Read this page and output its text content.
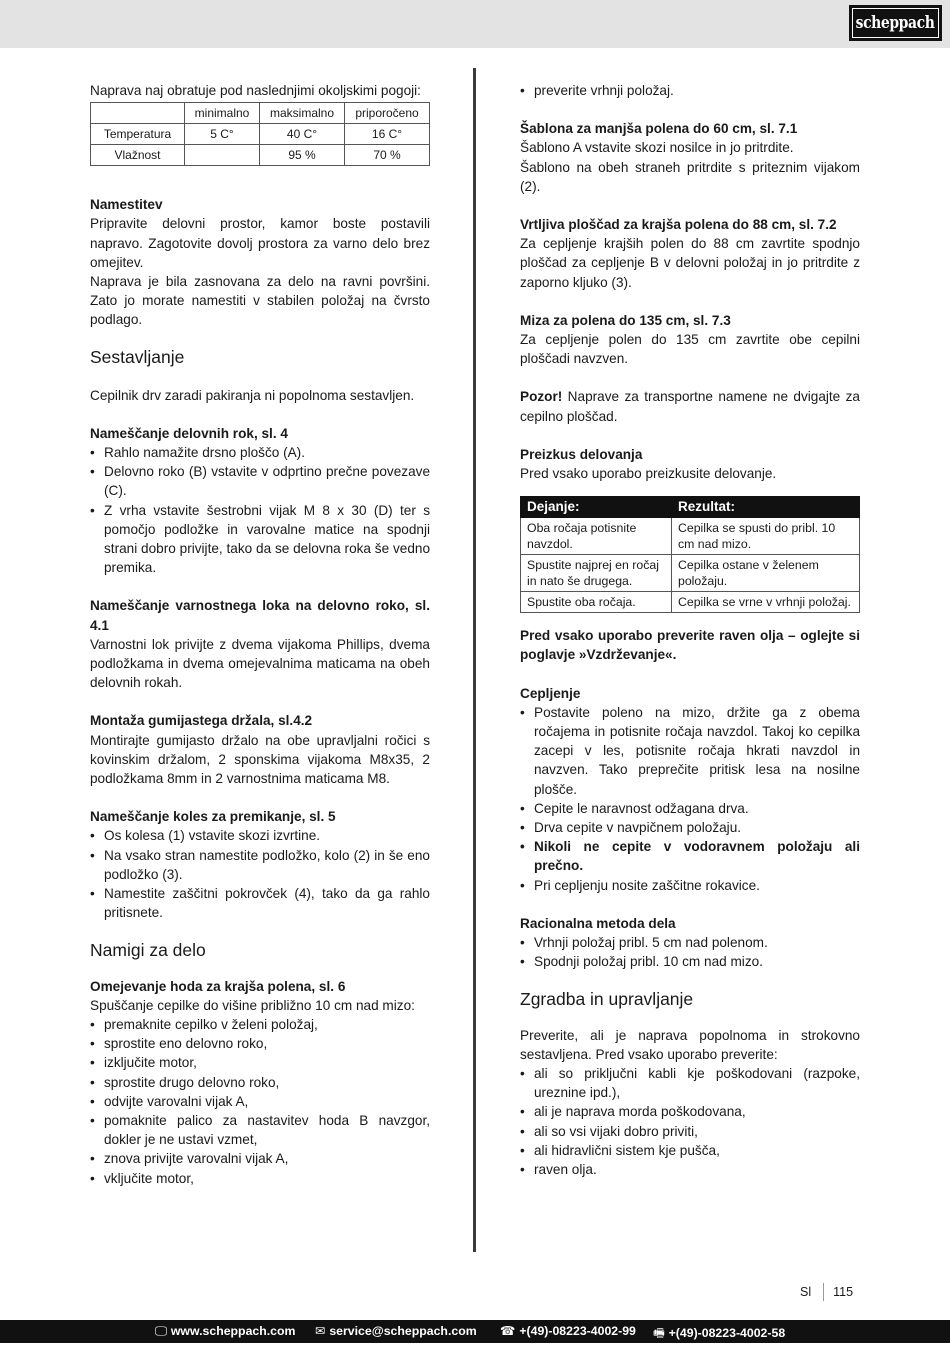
scheppach

Naprava naj obratuje pod naslednjimi okoljskimi pogoji:

	minimalno	maksimalno	priporočeno
Temperatura	5 C°	40 C°	16 C°
Vlažnost		95 %	70 %

Namestitev

Pripravite delovni prostor, kamor boste postavili napravo. Zagotovite dovolj prostora za varno delo brez omejitev.

Naprava je bila zasnovana za delo na ravni površini. Zato jo morate namestiti v stabilen položaj na čvrsto podlago.

Sestavljanje

Cepilnik drv zaradi pakiranja ni popolnoma sestavljen.

Nameščanje delovnih rok, sl. 4

• Rahlo namažite drsno ploščo (A).
• Delovno roko (B) vstavite v odprtino prečne povezave (C).
• Z vrha vstavite šestrobni vijak M 8 x 30 (D) ter s pomočjo podložke in varovalne matice na spodnji strani dobro privijte, tako da se delovna roka še vedno premika.

Nameščanje varnostnega loka na delovno roko, sl. 4.1

Varnostni lok privijte z dvema vijakoma Phillips, dvema podložkama in dvema omejevalnima maticama na obeh delovnih rokah.

Montaža gumijastega držala, sl.4.2

Montirajte gumijasto držalo na obe upravljalni ročici s kovinskim držalom, 2 sponskima vijakoma M8x35, 2 podložkama 8mm in 2 varnostnima maticama M8.

Nameščanje koles za premikanje, sl. 5

• Os kolesa (1) vstavite skozi izvrtine.
• Na vsako stran namestite podložko, kolo (2) in še eno podložko (3).
• Namestite zaščitni pokrovček (4), tako da ga rahlo pritisnete.

Namigi za delo

Omejevanje hoda za krajša polena, sl. 6

Spuščanje cepilke do višine približno 10 cm nad mizo:

• premaknite cepilko v želeni položaj,
• sprostite eno delovno roko,
• izključite motor,
• sprostite drugo delovno roko,
• odvijte varovalni vijak A,
• pomaknite palico za nastavitev hoda B navzgor, dokler je ne ustavi vzmet,
• znova privijte varovalni vijak A,
• vključite motor,
• preverite vrhnji položaj.

Šablona za manjša polena do 60 cm, sl. 7.1

Šablono A vstavite skozi nosilce in jo pritrdite.

Šablono na obeh straneh pritrdite s priteznim vijakom (2).

Vrtljiva ploščad za krajša polena do 88 cm, sl. 7.2

Za cepljenje krajših polen do 88 cm zavrtite spodnjo ploščad za cepljenje B v delovni položaj in jo pritrdite z zaporno kljuko (3).

Miza za polena do 135 cm, sl. 7.3

Za cepljenje polen do 135 cm zavrtite obe cepilni ploščadi navzven.

Pozor! Naprave za transportne namene ne dvigajte za cepilno ploščad.

Preizkus delovanja

Pred vsako uporabo preizkusite delovanje.

Dejanje:	Rezultat:
Oba ročaja potisnite navzdol.	Cepilka se spusti do pribl. 10 cm nad mizo.
Spustite najprej en ročaj in nato še drugega.	Cepilka ostane v želenem položaju.
Spustite oba ročaja.	Cepilka se vrne v vrhnji položaj.

Pred vsako uporabo preverite raven olja – oglejte si poglavje »Vzdrževanje«.

Cepljenje

• Postavite poleno na mizo, držite ga z obema ročajema in potisnite ročaja navzdol. Takoj ko cepilka zacepi v les, potisnite ročaja hkrati navzdol in navzven. Tako preprečite pritisk lesa na nosilne plošče.
• Cepite le naravnost odžagana drva.
• Drva cepite v navpičnem položaju.
• Nikoli ne cepite v vodoravnem položaju ali prečno.
• Pri cepljenju nosite zaščitne rokavice.

Racionalna metoda dela

• Vrhnji položaj pribl. 5 cm nad polenom.
• Spodnji položaj pribl. 10 cm nad mizo.

Zgradba in upravljanje

Preverite, ali je naprava popolnoma in strokovno sestavljena. Pred vsako uporabo preverite:

• ali so priključni kabli kje poškodovani (razpoke, ureznine ipd.),
• ali je naprava morda poškodovana,
• ali so vsi vijaki dobro priviti,
• ali hidravlični sistem kje pušča,
• raven olja.
Sl 115
🖵 www.scheppach.com ✉ service@scheppach.com ☎ +(49)-08223-4002-99 🖷 +(49)-08223-4002-58
